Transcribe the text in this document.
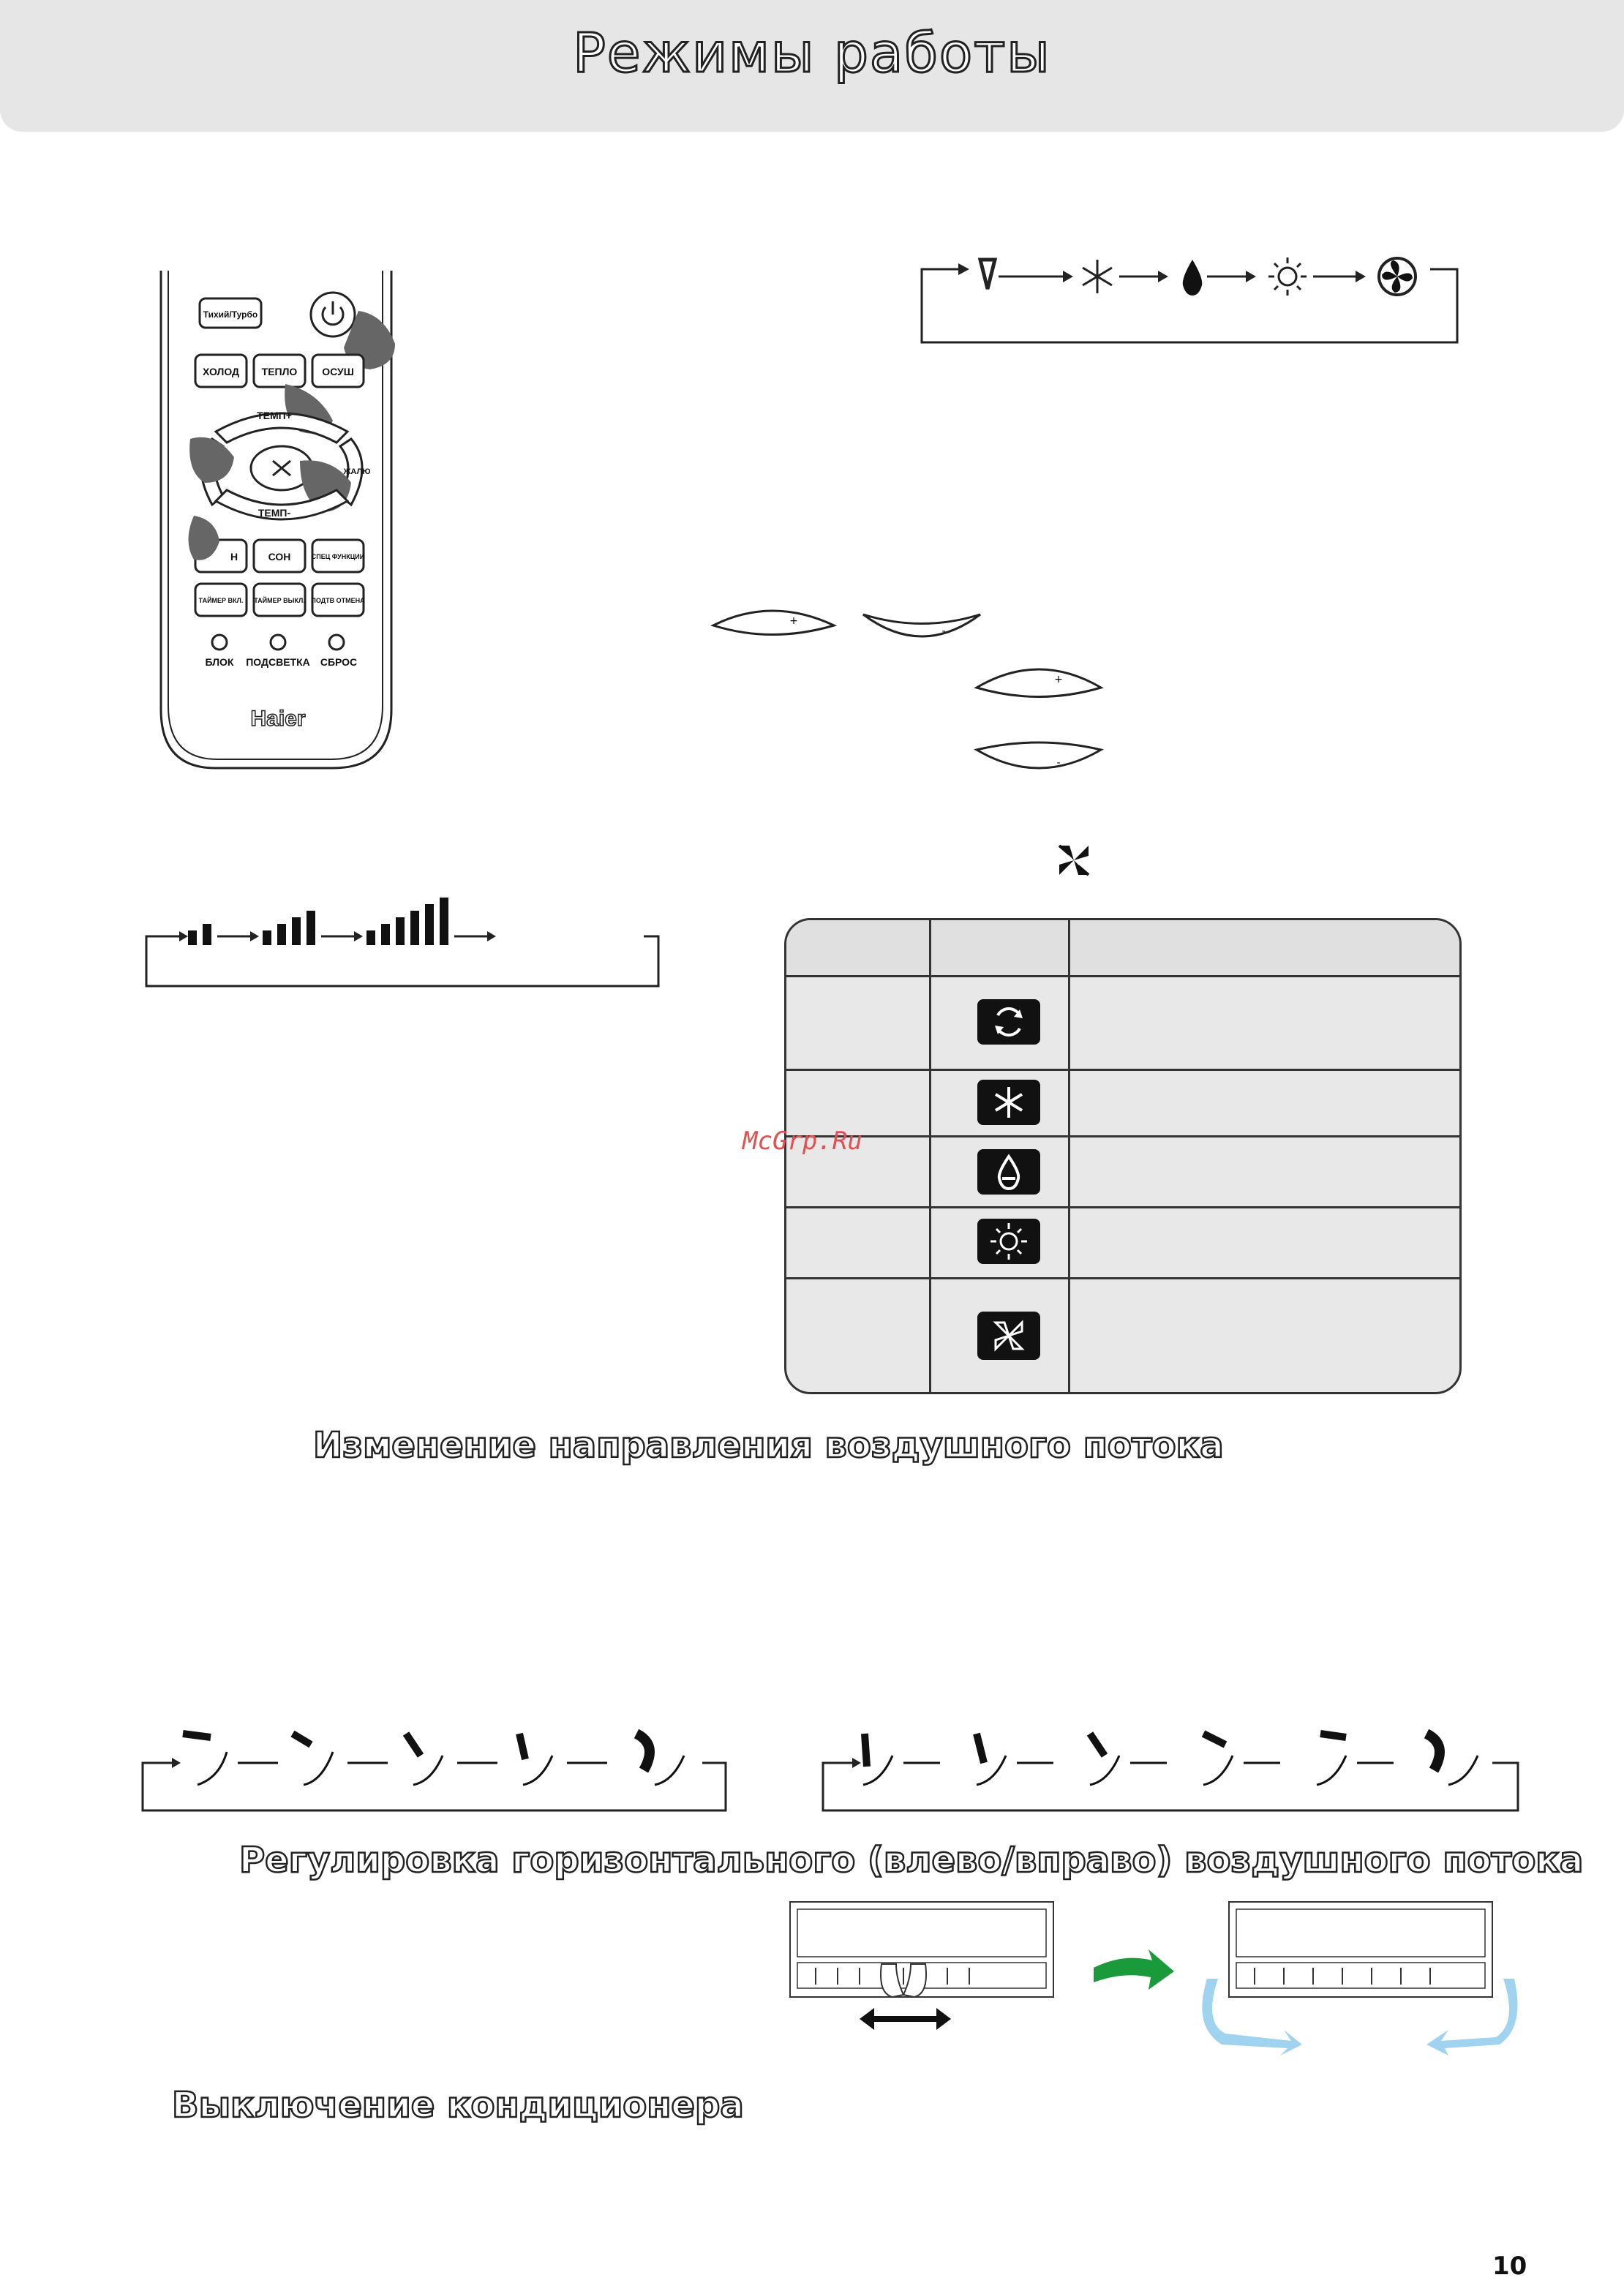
Режимы работы
Тихий/Турбо
ХОЛОД ТЕПЛО ОСУШ
ТЕМП+
ЖАЛЮ
ТЕМП-
Н	СОН	СПЕЦ ФУНКЦИИ
ТАЙМЕР ВКЛ. ТАЙМЕР ВЫКЛ. ПОДТВ ОТМЕНА
БЛОК ПОДСВЕТКА СБРОС
Haier
+
-
+
-
McGrp.Ru
Изменение направления воздушного потока
Регулировка горизонтального (влево/вправо) воздушного потока
Выключение кондиционера
10
